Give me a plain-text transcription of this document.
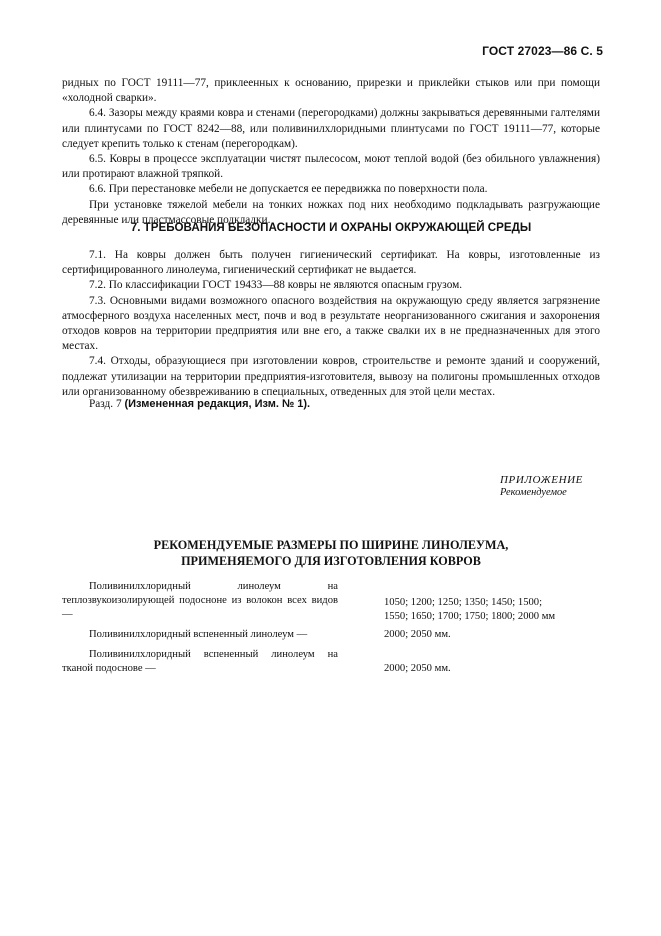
ГОСТ 27023—86 С. 5

ридных по ГОСТ 19111—77, приклеенных к основанию, прирезки и приклейки стыков или при помощи «холодной сварки».

6.4. Зазоры между краями ковра и стенами (перегородками) должны закрываться деревянными галтелями или плинтусами по ГОСТ 8242—88, или поливинилхлоридными плинтусами по ГОСТ 19111—77, которые следует крепить только к стенам (перегородкам).

6.5. Ковры в процессе эксплуатации чистят пылесосом, моют теплой водой (без обильного увлажнения) или протирают влажной тряпкой.

6.6. При перестановке мебели не допускается ее передвижка по поверхности пола.

При установке тяжелой мебели на тонких ножках под них необходимо подкладывать разгружающие деревянные или пластмассовые подкладки.

7. ТРЕБОВАНИЯ БЕЗОПАСНОСТИ И ОХРАНЫ ОКРУЖАЮЩЕЙ СРЕДЫ

7.1. На ковры должен быть получен гигиенический сертификат. На ковры, изготовленные из сертифицированного линолеума, гигиенический сертификат не выдается.

7.2. По классификации ГОСТ 19433—88 ковры не являются опасным грузом.

7.3. Основными видами возможного опасного воздействия на окружающую среду является загрязнение атмосферного воздуха населенных мест, почв и вод в результате неорганизованного сжигания и захоронения отходов ковров на территории предприятия или вне его, а также свалки их в не предназначенных для этого местах.

7.4. Отходы, образующиеся при изготовлении ковров, строительстве и ремонте зданий и сооружений, подлежат утилизации на территории предприятия-изготовителя, вывозу на полигоны промышленных отходов или организованному обезвреживанию в специальных, отведенных для этой цели местах.

Разд. 7 (Измененная редакция, Изм. № 1).
ПРИЛОЖЕНИЕ
Рекомендуемое
РЕКОМЕНДУЕМЫЕ РАЗМЕРЫ ПО ШИРИНЕ ЛИНОЛЕУМА,
ПРИМЕНЯЕМОГО ДЛЯ ИЗГОТОВЛЕНИЯ КОВРОВ
Поливинилхлоридный линолеум на теплозвукоизолирующей подосноне из волокон всех видов —
1050; 1200; 1250; 1350; 1450; 1500;
1550; 1650; 1700; 1750; 1800; 2000 мм
Поливинилхлоридный вспененный линолеум —	2000; 2050 мм.
Поливинилхлоридный вспененный линолеум на тканой подоснове —	2000; 2050 мм.
